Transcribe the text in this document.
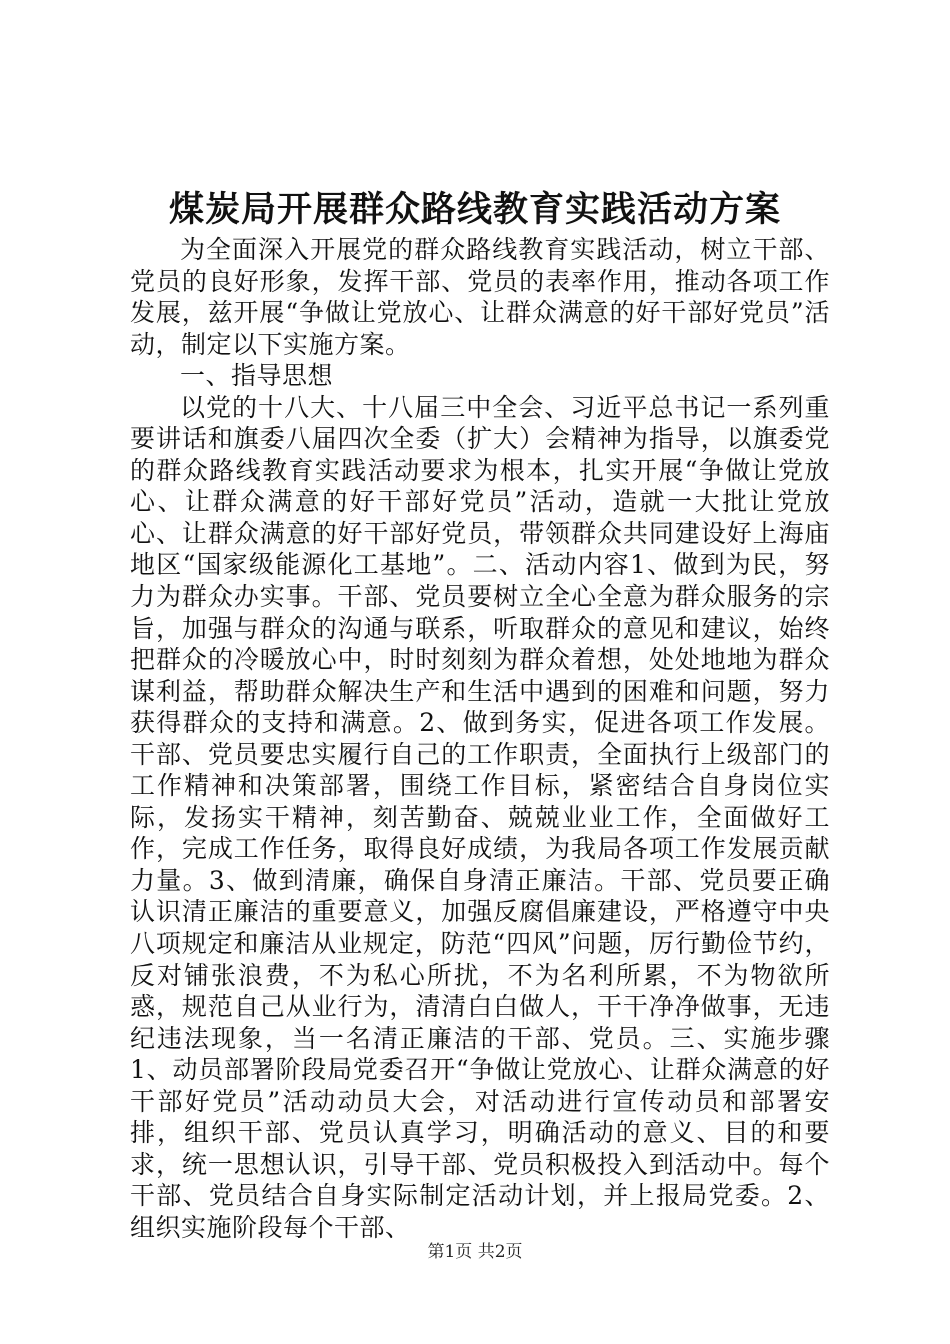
煤炭局开展群众路线教育实践活动方案

为全面深入开展党的群众路线教育实践活动，树立干部、党员的良好形象，发挥干部、党员的表率作用，推动各项工作发展，兹开展“争做让党放心、让群众满意的好干部好党员”活动，制定以下实施方案。

一、指导思想

以党的十八大、十八届三中全会、习近平总书记一系列重要讲话和旗委八届四次全委（扩大）会精神为指导，以旗委党的群众路线教育实践活动要求为根本，扎实开展“争做让党放心、让群众满意的好干部好党员”活动，造就一大批让党放心、让群众满意的好干部好党员，带领群众共同建设好上海庙地区“国家级能源化工基地”。二、活动内容1、做到为民，努力为群众办实事。干部、党员要树立全心全意为群众服务的宗旨，加强与群众的沟通与联系，听取群众的意见和建议，始终把群众的冷暖放心中，时时刻刻为群众着想，处处地地为群众谋利益，帮助群众解决生产和生活中遇到的困难和问题，努力获得群众的支持和满意。2、做到务实，促进各项工作发展。干部、党员要忠实履行自己的工作职责，全面执行上级部门的工作精神和决策部署，围绕工作目标，紧密结合自身岗位实际，发扬实干精神，刻苦勤奋、兢兢业业工作，全面做好工作，完成工作任务，取得良好成绩，为我局各项工作发展贡献力量。3、做到清廉，确保自身清正廉洁。干部、党员要正确认识清正廉洁的重要意义，加强反腐倡廉建设，严格遵守中央八项规定和廉洁从业规定，防范“四风”问题，厉行勤俭节约，反对铺张浪费，不为私心所扰，不为名利所累，不为物欲所惑，规范自己从业行为，清清白白做人，干干净净做事，无违纪违法现象，当一名清正廉洁的干部、党员。三、实施步骤1、动员部署阶段局党委召开“争做让党放心、让群众满意的好干部好党员”活动动员大会，对活动进行宣传动员和部署安排，组织干部、党员认真学习，明确活动的意义、目的和要求，统一思想认识，引导干部、党员积极投入到活动中。每个干部、党员结合自身实际制定活动计划，并上报局党委。2、组织实施阶段每个干部、

第1页 共2页
